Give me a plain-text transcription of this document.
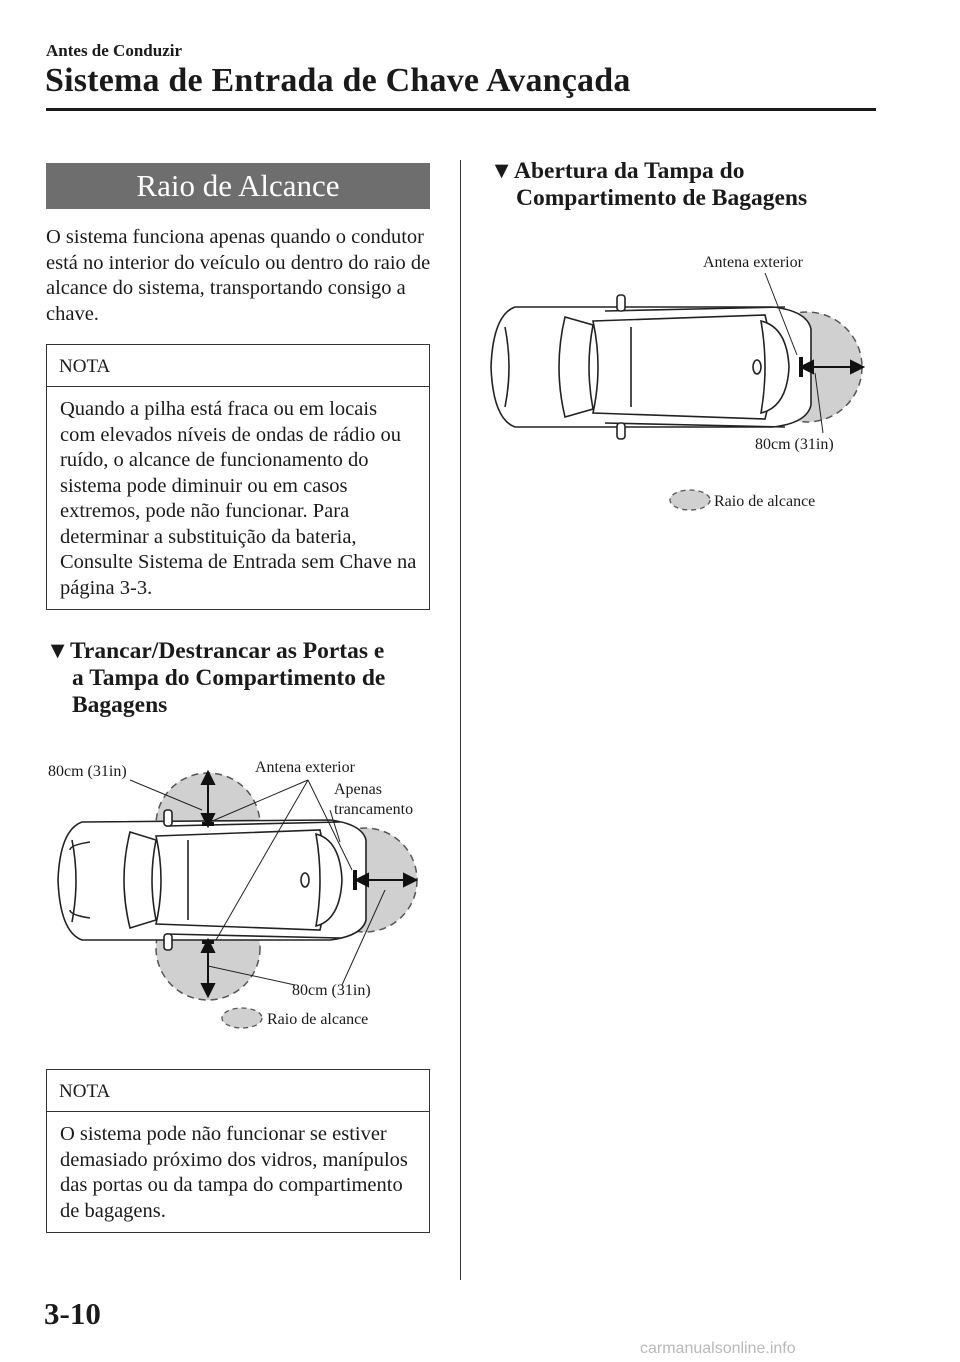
Antes de Conduzir
Sistema de Entrada de Chave Avançada
Raio de Alcance
O sistema funciona apenas quando o condutor está no interior do veículo ou dentro do raio de alcance do sistema, transportando consigo a chave.
NOTA
Quando a pilha está fraca ou em locais com elevados níveis de ondas de rádio ou ruído, o alcance de funcionamento do sistema pode diminuir ou em casos extremos, pode não funcionar. Para determinar a substituição da bateria, Consulte Sistema de Entrada sem Chave na página 3-3.
▼Trancar/Destrancar as Portas e
a Tampa do Compartimento de
Bagagens
80cm (31in)	Antena exterior
Apenas
trancamento
80cm (31in)
Raio de alcance
NOTA
O sistema pode não funcionar se estiver demasiado próximo dos vidros, manípulos das portas ou da tampa do compartimento de bagagens.
▼Abertura da Tampa do
Compartimento de Bagagens
Antena exterior
80cm (31in)
Raio de alcance
3-10
carmanualsonline.info
